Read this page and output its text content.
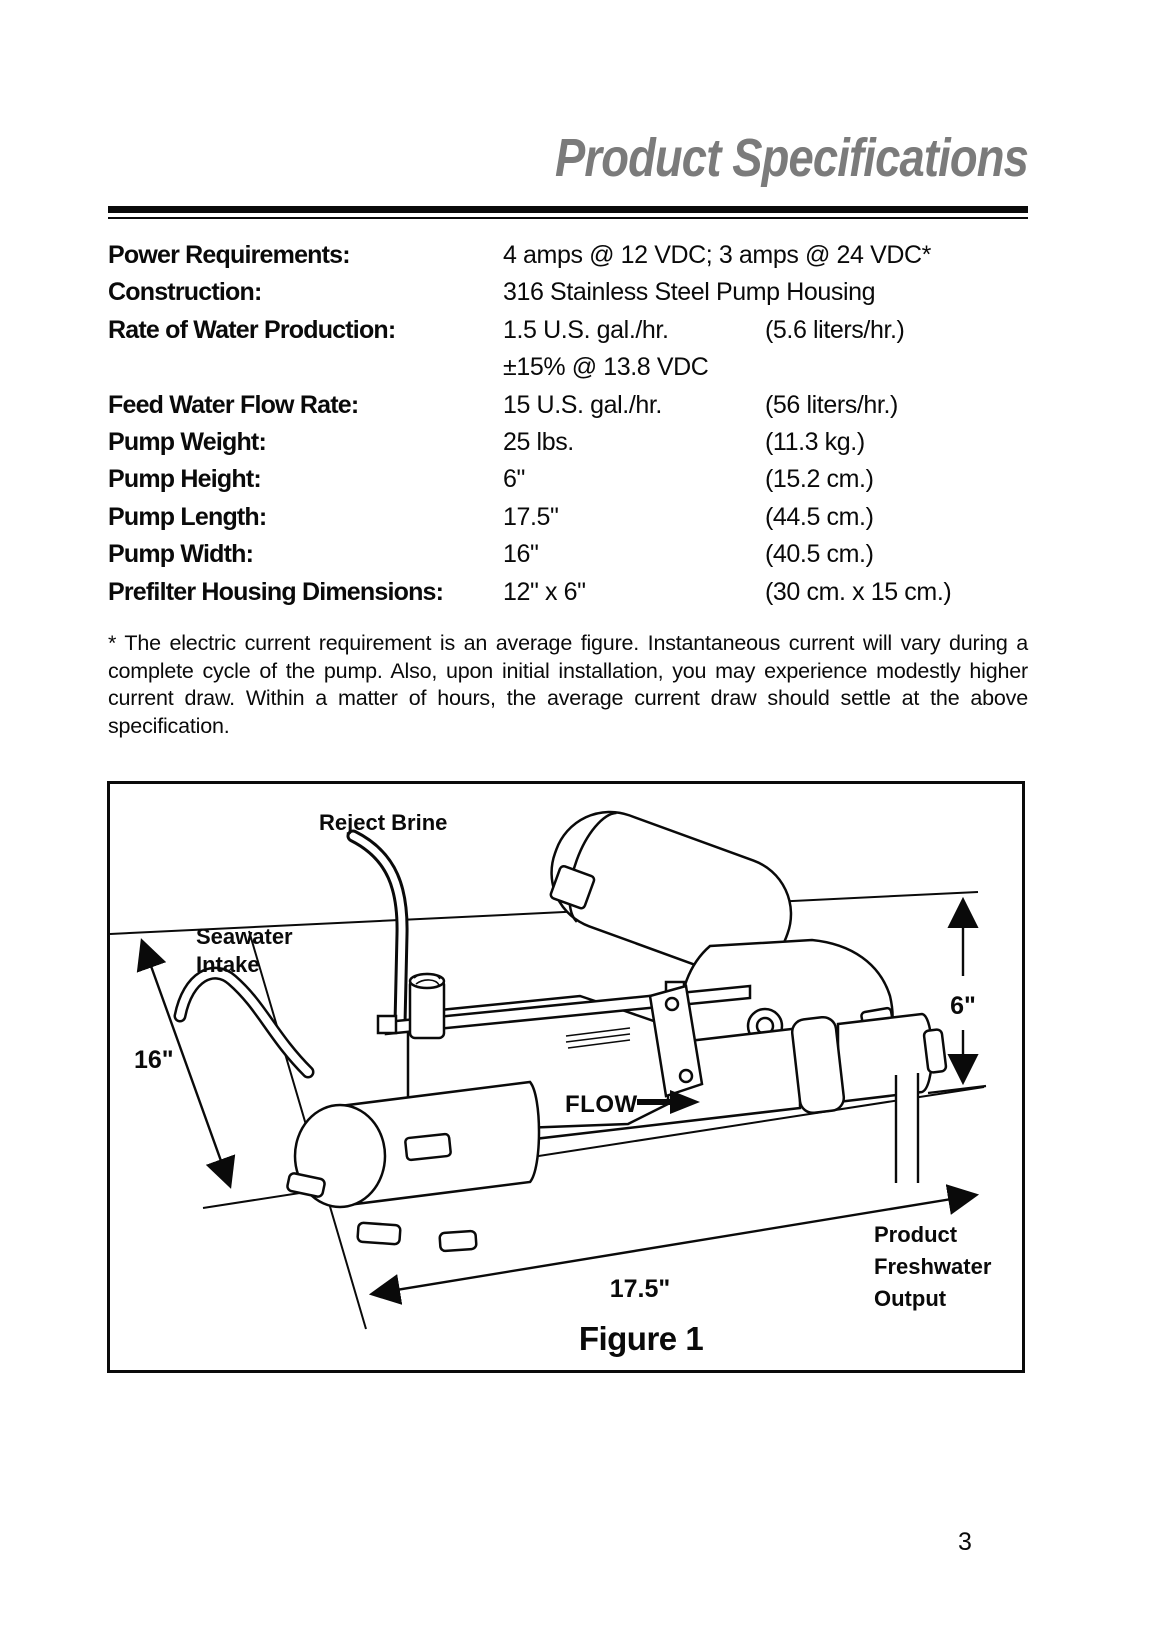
Product Specifications
Power Requirements:	4 amps @ 12 VDC; 3 amps @ 24 VDC*
Construction:	316 Stainless Steel Pump Housing
Rate of Water Production:	1.5 U.S. gal./hr.	(5.6 liters/hr.)
±15% @ 13.8 VDC
Feed Water Flow Rate:	15 U.S. gal./hr.	(56 liters/hr.)
Pump Weight:	25 lbs.	(11.3 kg.)
Pump Height:	6"	(15.2 cm.)
Pump Length:	17.5"	(44.5 cm.)
Pump Width:	16"	(40.5 cm.)
Prefilter Housing Dimensions:	12" x 6"	(30 cm. x 15 cm.)
* The electric current requirement is an average figure. Instantaneous current will vary during a complete cycle of the pump. Also, upon initial installation, you may experience modestly higher current draw. Within a matter of hours, the average current draw should settle at the above specification.
16"
17.5"
6"
FLOW
Reject Brine
Seawater
Intake
Product
Freshwater
Output
Figure 1
3
